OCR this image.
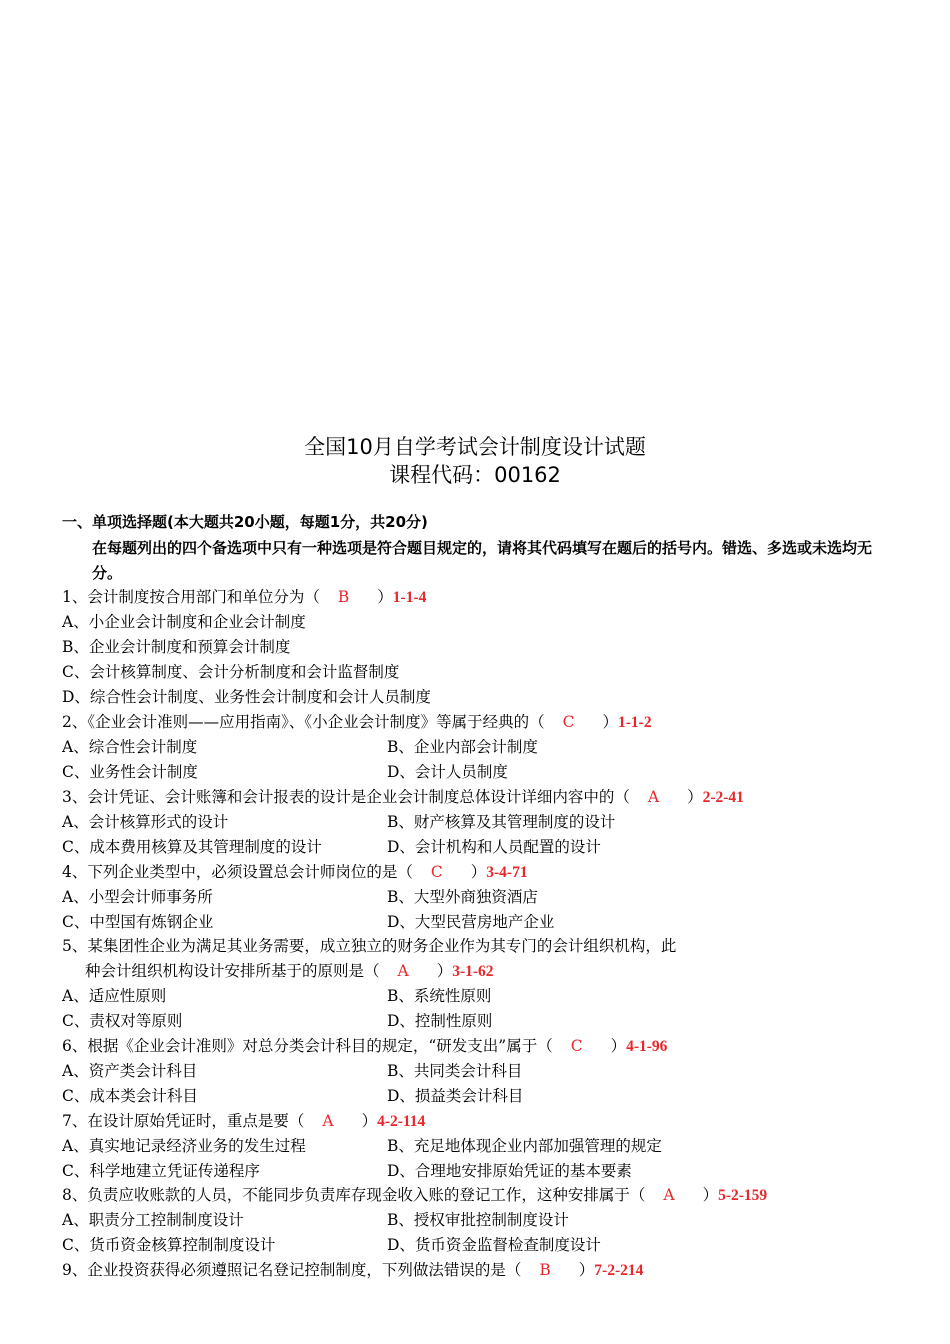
全国10月自学考试会计制度设计试题
课程代码：00162
一、单项选择题(本大题共20小题，每题1分，共20分)
在每题列出的四个备选项中只有一种选项是符合题目规定的，请将其代码填写在题后的括号内。错选、多选或未选均无分。
1、会计制度按合用部门和单位分为（ B ）1-1-4
A、小企业会计制度和企业会计制度
B、企业会计制度和预算会计制度
C、会计核算制度、会计分析制度和会计监督制度
D、综合性会计制度、业务性会计制度和会计人员制度
2、《企业会计准则——应用指南》、《小企业会计制度》等属于经典的（ C ）1-1-2
A、综合性会计制度	B、企业内部会计制度
C、业务性会计制度	D、会计人员制度
3、会计凭证、会计账簿和会计报表的设计是企业会计制度总体设计详细内容中的（ A ）2-2-41
A、会计核算形式的设计	B、财产核算及其管理制度的设计
C、成本费用核算及其管理制度的设计	D、会计机构和人员配置的设计
4、下列企业类型中，必须设置总会计师岗位的是（ C ）3-4-71
A、小型会计师事务所	B、大型外商独资酒店
C、中型国有炼钢企业	D、大型民营房地产企业
5、某集团性企业为满足其业务需要，成立独立的财务企业作为其专门的会计组织机构，此
种会计组织机构设计安排所基于的原则是（ A ）3-1-62
A、适应性原则	B、系统性原则
C、责权对等原则	D、控制性原则
6、根据《企业会计准则》对总分类会计科目的规定，“研发支出”属于（ C ）4-1-96
A、资产类会计科目	B、共同类会计科目
C、成本类会计科目	D、损益类会计科目
7、在设计原始凭证时，重点是要（ A ）4-2-114
A、真实地记录经济业务的发生过程	B、充足地体现企业内部加强管理的规定
C、科学地建立凭证传递程序	D、合理地安排原始凭证的基本要素
8、负责应收账款的人员，不能同步负责库存现金收入账的登记工作，这种安排属于（ A ）5-2-159
A、职责分工控制制度设计	B、授权审批控制制度设计
C、货币资金核算控制制度设计	D、货币资金监督检查制度设计
9、企业投资获得必须遵照记名登记控制制度，下列做法错误的是（ B ）7-2-214
